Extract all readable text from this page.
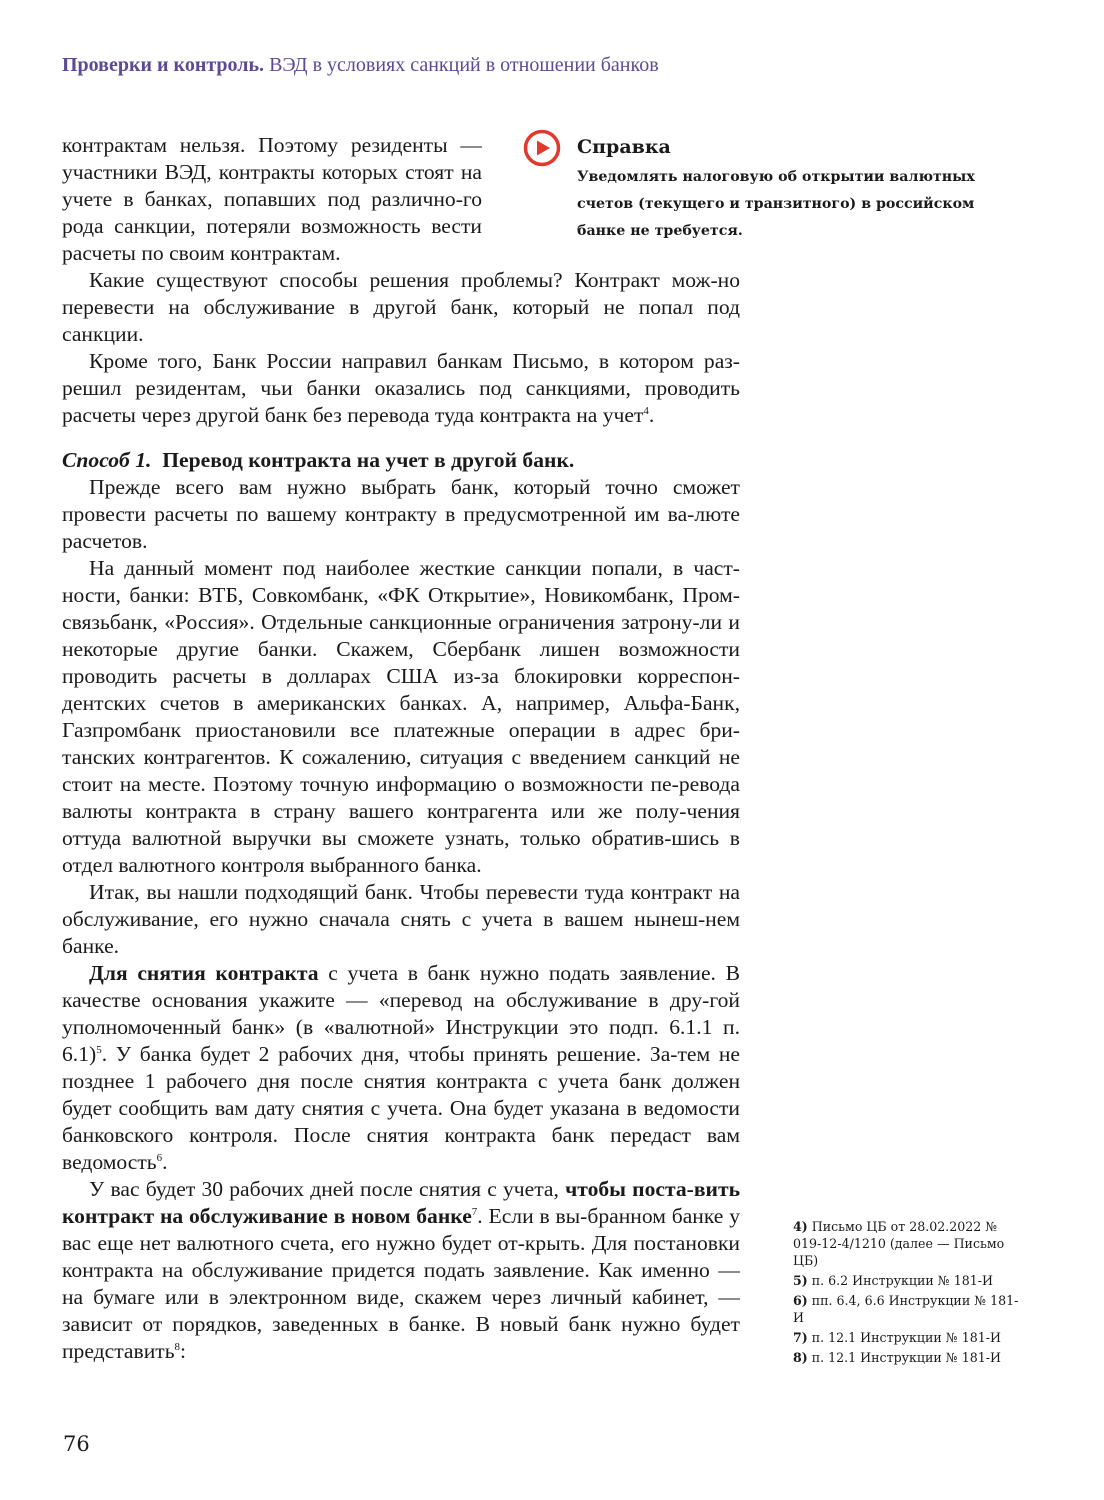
Проверки и контроль. ВЭД в условиях санкций в отношении банков
Справка
Уведомлять налоговую об открытии валютных счетов (текущего и транзитного) в российском банке не требуется.

контрактам нельзя. Поэтому резиденты — участники ВЭД, контракты которых стоят на учете в банках, попавших под различно-го рода санкции, потеряли возможность вести расчеты по своим контрактам.

Какие существуют способы решения проблемы? Контракт мож-но перевести на обслуживание в другой банк, который не попал под санкции.

Кроме того, Банк России направил банкам Письмо, в котором раз-решил резидентам, чьи банки оказались под санкциями, проводить расчеты через другой банк без перевода туда контракта на учет$^4$.

Способ 1. Перевод контракта на учет в другой банк.

Прежде всего вам нужно выбрать банк, который точно сможет провести расчеты по вашему контракту в предусмотренной им ва-люте расчетов.

На данный момент под наиболее жесткие санкции попали, в част-ности, банки: ВТБ, Совкомбанк, «ФК Открытие», Новикомбанк, Пром-связьбанк, «Россия». Отдельные санкционные ограничения затрону-ли и некоторые другие банки. Скажем, Сбербанк лишен возможности проводить расчеты в долларах США из-за блокировки корреспон-дентских счетов в американских банках. А, например, Альфа-Банк, Газпромбанк приостановили все платежные операции в адрес бри-танских контрагентов. К сожалению, ситуация с введением санкций не стоит на месте. Поэтому точную информацию о возможности пе-ревода валюты контракта в страну вашего контрагента или же полу-чения оттуда валютной выручки вы сможете узнать, только обратив-шись в отдел валютного контроля выбранного банка.

Итак, вы нашли подходящий банк. Чтобы перевести туда контракт на обслуживание, его нужно сначала снять с учета в вашем нынеш-нем банке.

Для снятия контракта с учета в банк нужно подать заявление. В качестве основания укажите — «перевод на обслуживание в дру-гой уполномоченный банк» (в «валютной» Инструкции это подп. 6.1.1 п. 6.1)$^5$. У банка будет 2 рабочих дня, чтобы принять решение. За-тем не позднее 1 рабочего дня после снятия контракта с учета банк должен будет сообщить вам дату снятия с учета. Она будет указана в ведомости банковского контроля. После снятия контракта банк передаст вам ведомость$^6$.

У вас будет 30 рабочих дней после снятия с учета, чтобы поста-вить контракт на обслуживание в новом банке$^7$. Если в вы-бранном банке у вас еще нет валютного счета, его нужно будет от-крыть. Для постановки контракта на обслуживание придется подать заявление. Как именно — на бумаге или в электронном виде, скажем через личный кабинет, — зависит от порядков, заведенных в банке. В новый банк нужно будет представить$^8$:

4) Письмо ЦБ от 28.02.2022 № 019-12-4/1210 (далее — Письмо ЦБ)
5) п. 6.2 Инструкции № 181-И
6) пп. 6.4, 6.6 Инструкции № 181-И
7) п. 12.1 Инструкции № 181-И
8) п. 12.1 Инструкции № 181-И
76
